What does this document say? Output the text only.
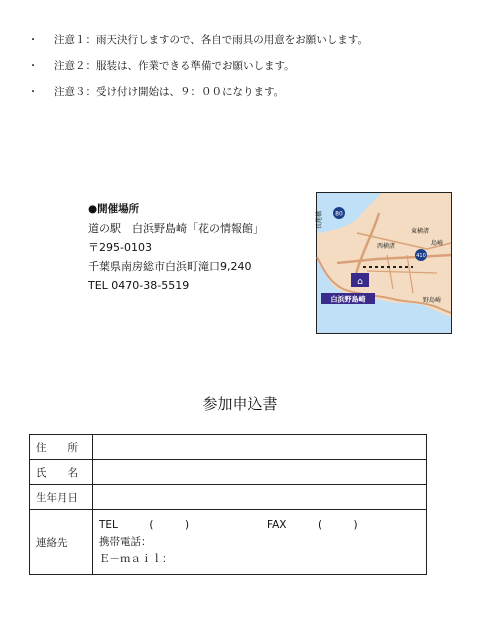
・	注意１：雨天決行しますので、各自で雨具の用意をお願いします。
・	注意２：服装は、作業できる準備でお願いします。
・	注意３：受け付け開始は、９：００になります。
●開催場所
道の駅　白浜野島崎「花の情報館」
〒295-0103
千葉県南房総市白浜町滝口9,240
TEL 0470-38-5519
80
410
長尾橋
東横渚
西横渚	島崎
野島崎
⌂
白浜野島崎
参加申込書
住　　所	
氏　　名	
生年月日	
連絡先	TEL　　　(　　　) FAX　　　(　　　)
携帯電話：
Ｅ－ｍａｉｌ：
